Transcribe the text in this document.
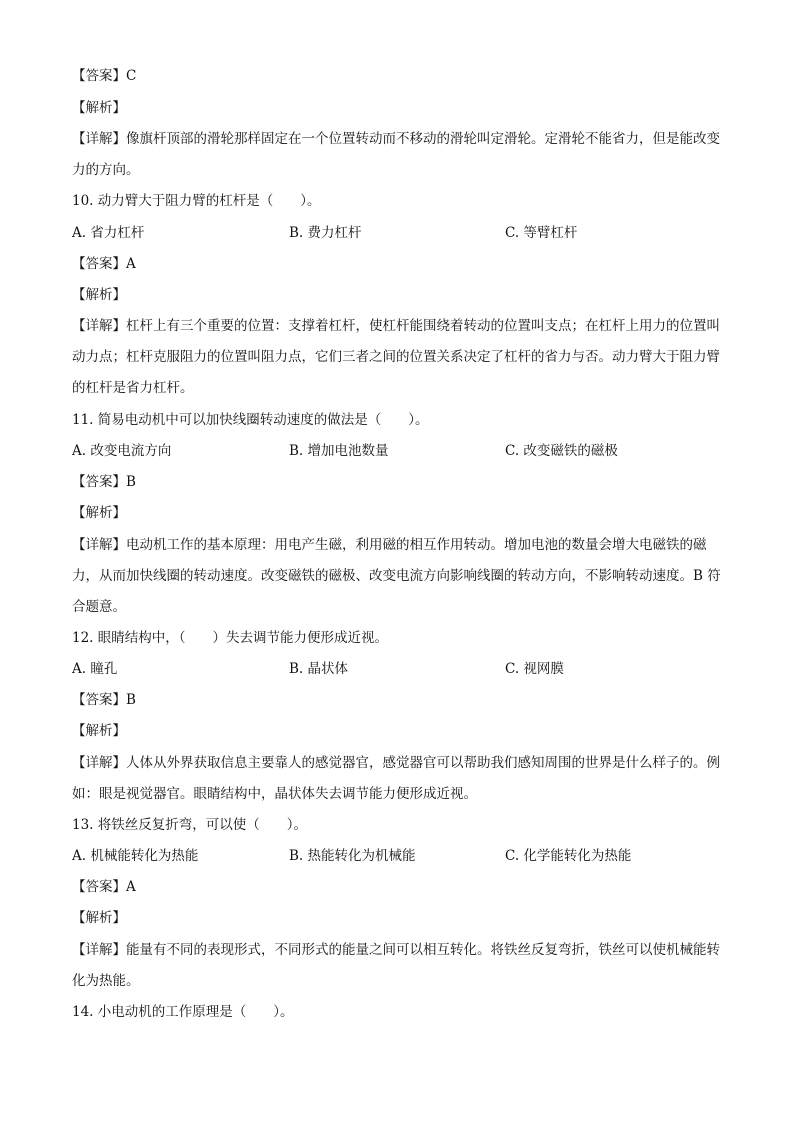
【答案】C
【解析】
【详解】像旗杆顶部的滑轮那样固定在一个位置转动而不移动的滑轮叫定滑轮。定滑轮不能省力，但是能改变力的方向。
10. 动力臂大于阻力臂的杠杆是（　　）。
A. 省力杠杆	B. 费力杠杆	C. 等臂杠杆
【答案】A
【解析】
【详解】杠杆上有三个重要的位置：支撑着杠杆，使杠杆能围绕着转动的位置叫支点；在杠杆上用力的位置叫动力点；杠杆克服阻力的位置叫阻力点，它们三者之间的位置关系决定了杠杆的省力与否。动力臂大于阻力臂的杠杆是省力杠杆。
11. 简易电动机中可以加快线圈转动速度的做法是（　　）。
A. 改变电流方向	B. 增加电池数量	C. 改变磁铁的磁极
【答案】B
【解析】
【详解】电动机工作的基本原理：用电产生磁，利用磁的相互作用转动。增加电池的数量会增大电磁铁的磁力，从而加快线圈的转动速度。改变磁铁的磁极、改变电流方向影响线圈的转动方向，不影响转动速度。B 符合题意。
12. 眼睛结构中，（　　）失去调节能力便形成近视。
A. 瞳孔	B. 晶状体	C. 视网膜
【答案】B
【解析】
【详解】人体从外界获取信息主要靠人的感觉器官，感觉器官可以帮助我们感知周围的世界是什么样子的。例如：眼是视觉器官。眼睛结构中，晶状体失去调节能力便形成近视。
13. 将铁丝反复折弯，可以使（　　）。
A. 机械能转化为热能	B. 热能转化为机械能	C. 化学能转化为热能
【答案】A
【解析】
【详解】能量有不同的表现形式，不同形式的能量之间可以相互转化。将铁丝反复弯折，铁丝可以使机械能转化为热能。
14. 小电动机的工作原理是（　　）。
